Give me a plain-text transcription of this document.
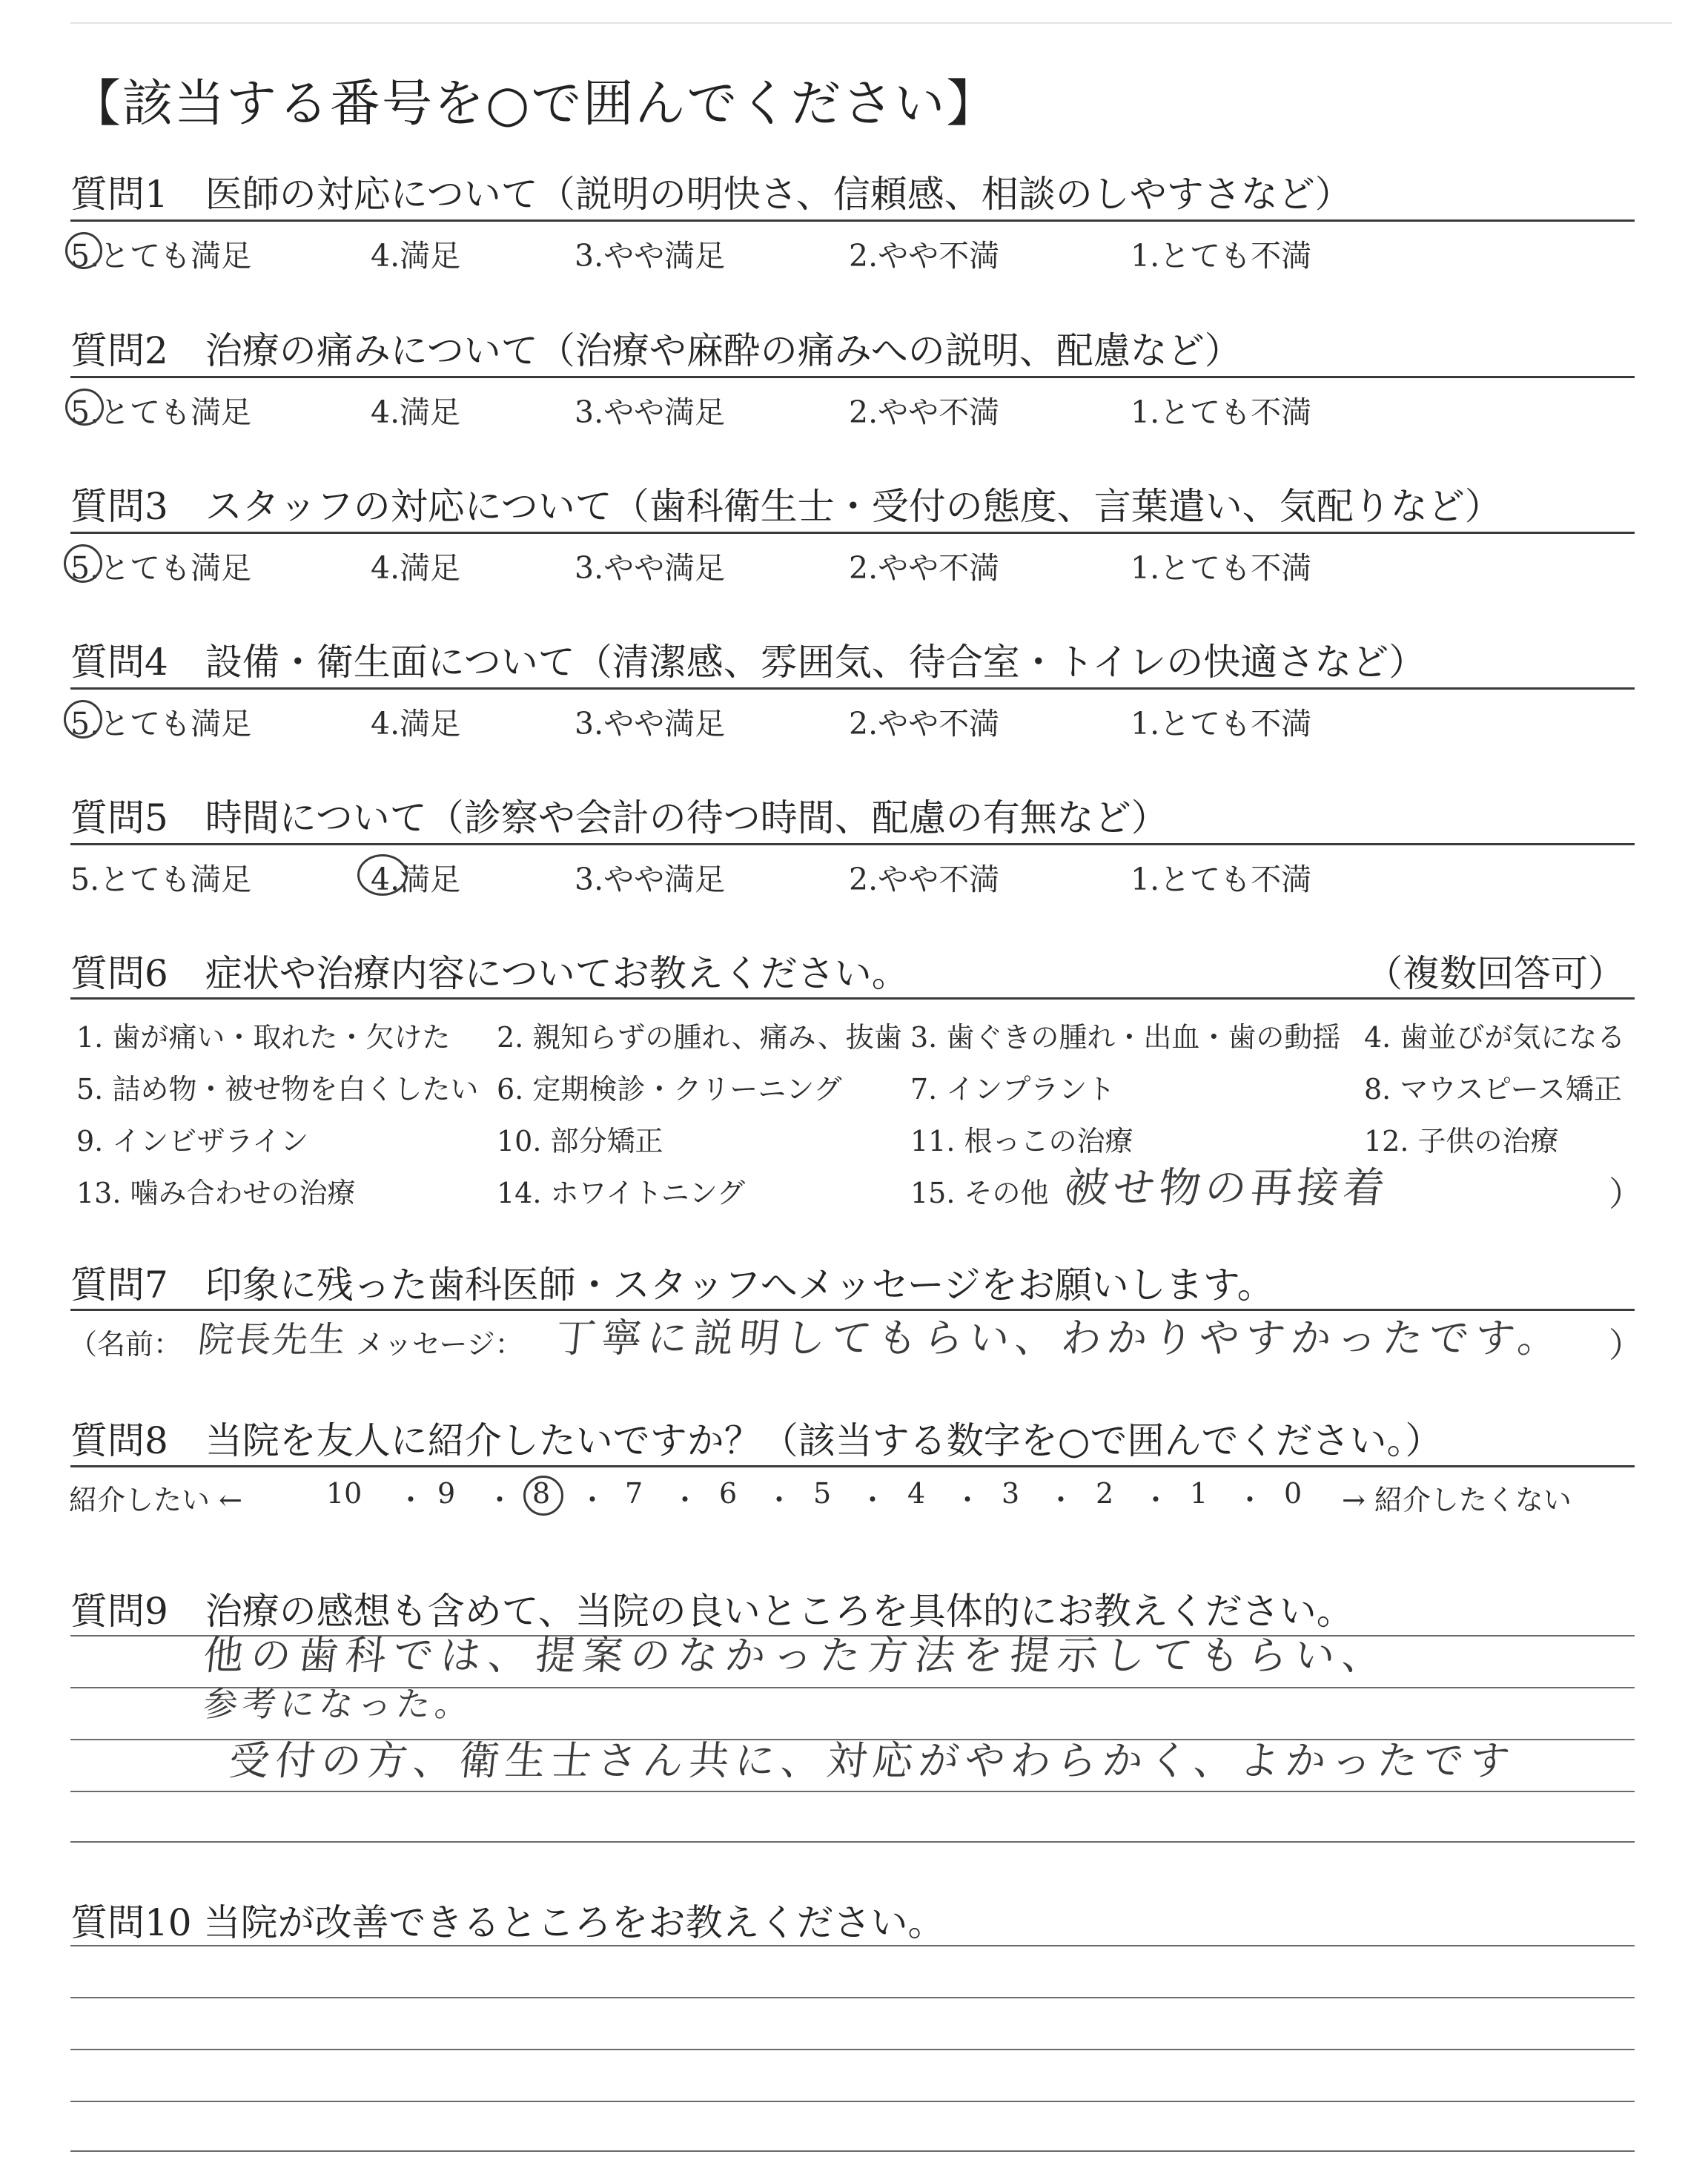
【該当する番号を○で囲んでください】
質問1　医師の対応について（説明の明快さ、信頼感、相談のしやすさなど）
5.とても満足	4.満足	3.やや満足	2.やや不満	1.とても不満
質問2　治療の痛みについて（治療や麻酔の痛みへの説明、配慮など）
5.とても満足	4.満足	3.やや満足	2.やや不満	1.とても不満
質問3　スタッフの対応について（歯科衛生士・受付の態度、言葉遣い、気配りなど）
5.とても満足	4.満足	3.やや満足	2.やや不満	1.とても不満
質問4　設備・衛生面について（清潔感、雰囲気、待合室・トイレの快適さなど）
5.とても満足	4.満足	3.やや満足	2.やや不満	1.とても不満
質問5　時間について（診察や会計の待つ時間、配慮の有無など）
5.とても満足	4.満足	3.やや満足	2.やや不満	1.とても不満
質問6　症状や治療内容についてお教えください。	（複数回答可）
1. 歯が痛い・取れた・欠けた 2. 親知らずの腫れ、痛み、抜歯 3. 歯ぐきの腫れ・出血・歯の動揺 4. 歯並びが気になる
5. 詰め物・被せ物を白くしたい 6. 定期検診・クリーニング 7. インプラント	8. マウスピース矯正
9. インビザライン	10. 部分矯正	11. 根っこの治療	12. 子供の治療
13. 噛み合わせの治療	14. ホワイトニング	15. その他（
被せ物の再接着	）
質問7　印象に残った歯科医師・スタッフへメッセージをお願いします。
（名前： 院長先生 メッセージ： 丁寧に説明してもらい、わかりやすかったです。 ）
質問8　当院を友人に紹介したいですか？（該当する数字を○で囲んでください。）
紹介したい ←	10 ・ 9 ・ 8 ・ 7 ・ 6 ・ 5 ・ 4 ・ 3 ・ 2 ・ 1 ・ 0 → 紹介したくない
質問9　治療の感想も含めて、当院の良いところを具体的にお教えください。
他の歯科では、提案のなかった方法を提示してもらい、
参考になった。
受付の方、衛生士さん共に、対応がやわらかく、よかったです
質問10 当院が改善できるところをお教えください。
